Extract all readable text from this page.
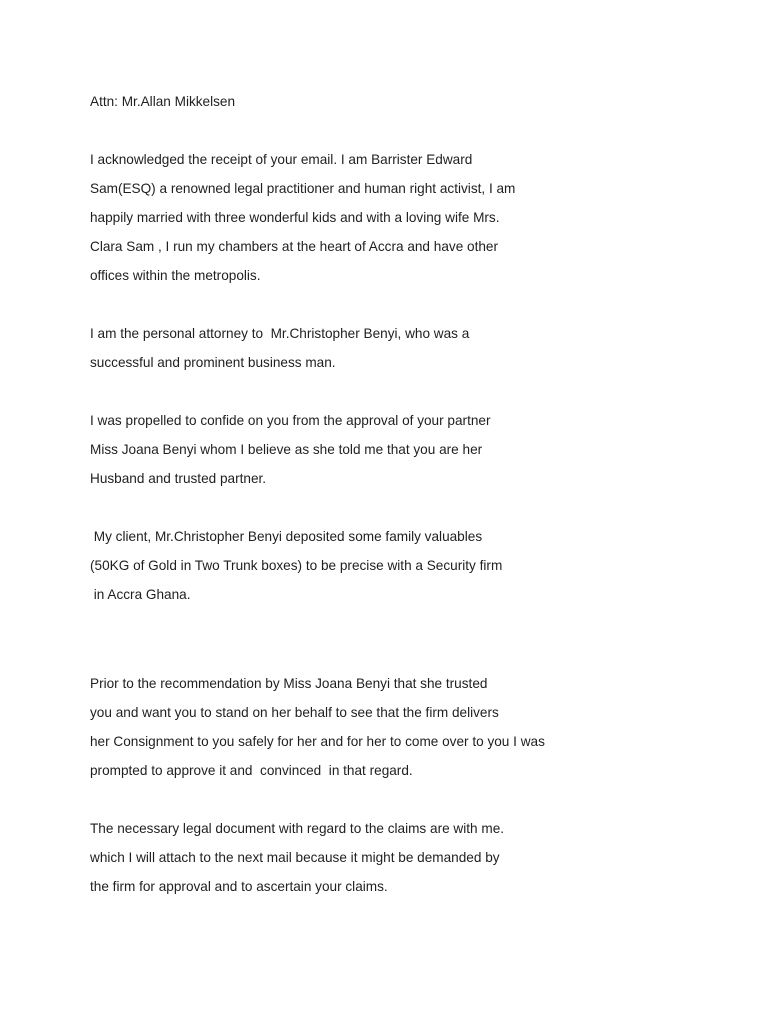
Attn: Mr.Allan Mikkelsen

I acknowledged the receipt of your email. I am Barrister Edward

Sam(ESQ) a renowned legal practitioner and human right activist, I am

happily married with three wonderful kids and with a loving wife Mrs.

Clara Sam , I run my chambers at the heart of Accra and have other

offices within the metropolis.

I am the personal attorney to  Mr.Christopher Benyi, who was a

successful and prominent business man.

I was propelled to confide on you from the approval of your partner

Miss Joana Benyi whom I believe as she told me that you are her

Husband and trusted partner.

My client, Mr.Christopher Benyi deposited some family valuables

(50KG of Gold in Two Trunk boxes) to be precise with a Security firm

in Accra Ghana.

Prior to the recommendation by Miss Joana Benyi that she trusted

you and want you to stand on her behalf to see that the firm delivers

her Consignment to you safely for her and for her to come over to you I was

prompted to approve it and  convinced  in that regard.

The necessary legal document with regard to the claims are with me.

which I will attach to the next mail because it might be demanded by

the firm for approval and to ascertain your claims.
